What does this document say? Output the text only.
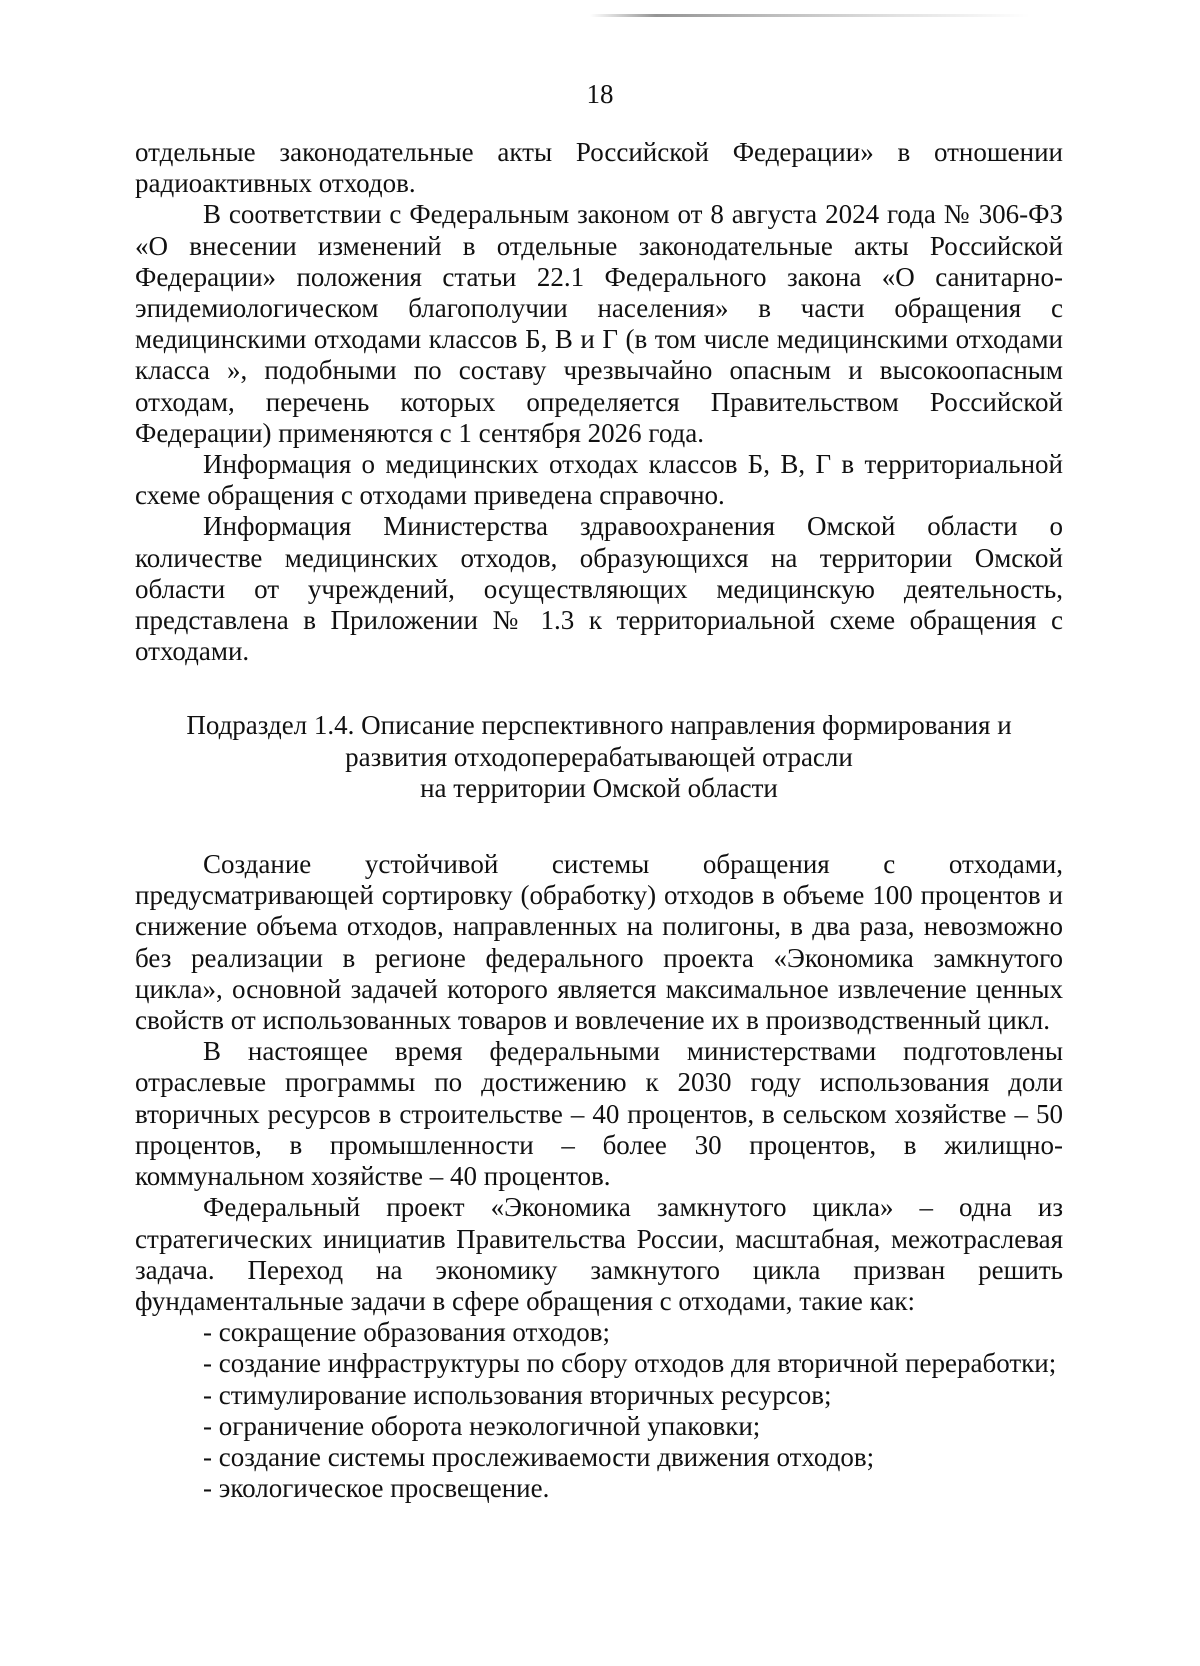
18

отдельные законодательные акты Российской Федерации» в отношении радиоактивных отходов.

В соответствии с Федеральным законом от 8 августа 2024 года № 306-ФЗ «О внесении изменений в отдельные законодательные акты Российской Федерации» положения статьи 22.1 Федерального закона «О санитарно-эпидемиологическом благополучии населения» в части обращения с медицинскими отходами классов Б, В и Г (в том числе медицинскими отходами класса », подобными по составу чрезвычайно опасным и высокоопасным отходам, перечень которых определяется Правительством Российской Федерации) применяются с 1 сентября 2026 года.

Информация о медицинских отходах классов Б, В, Г в территориальной схеме обращения с отходами приведена справочно.

Информация Министерства здравоохранения Омской области о количестве медицинских отходов, образующихся на территории Омской области от учреждений, осуществляющих медицинскую деятельность, представлена в Приложении № 1.3 к территориальной схеме обращения с отходами.

Подраздел 1.4. Описание перспективного направления формирования и
развития отходоперерабатывающей отрасли
на территории Омской области

Создание устойчивой системы обращения с отходами, предусматривающей сортировку (обработку) отходов в объеме 100 процентов и снижение объема отходов, направленных на полигоны, в два раза, невозможно без реализации в регионе федерального проекта «Экономика замкнутого цикла», основной задачей которого является максимальное извлечение ценных свойств от использованных товаров и вовлечение их в производственный цикл.

В настоящее время федеральными министерствами подготовлены отраслевые программы по достижению к 2030 году использования доли вторичных ресурсов в строительстве – 40 процентов, в сельском хозяйстве – 50 процентов, в промышленности – более 30 процентов, в жилищно-коммунальном хозяйстве – 40 процентов.

Федеральный проект «Экономика замкнутого цикла» – одна из стратегических инициатив Правительства России, масштабная, межотраслевая задача. Переход на экономику замкнутого цикла призван решить фундаментальные задачи в сфере обращения с отходами, такие как:

- сокращение образования отходов;
- создание инфраструктуры по сбору отходов для вторичной переработки;
- стимулирование использования вторичных ресурсов;
- ограничение оборота неэкологичной упаковки;
- создание системы прослеживаемости движения отходов;
- экологическое просвещение.
